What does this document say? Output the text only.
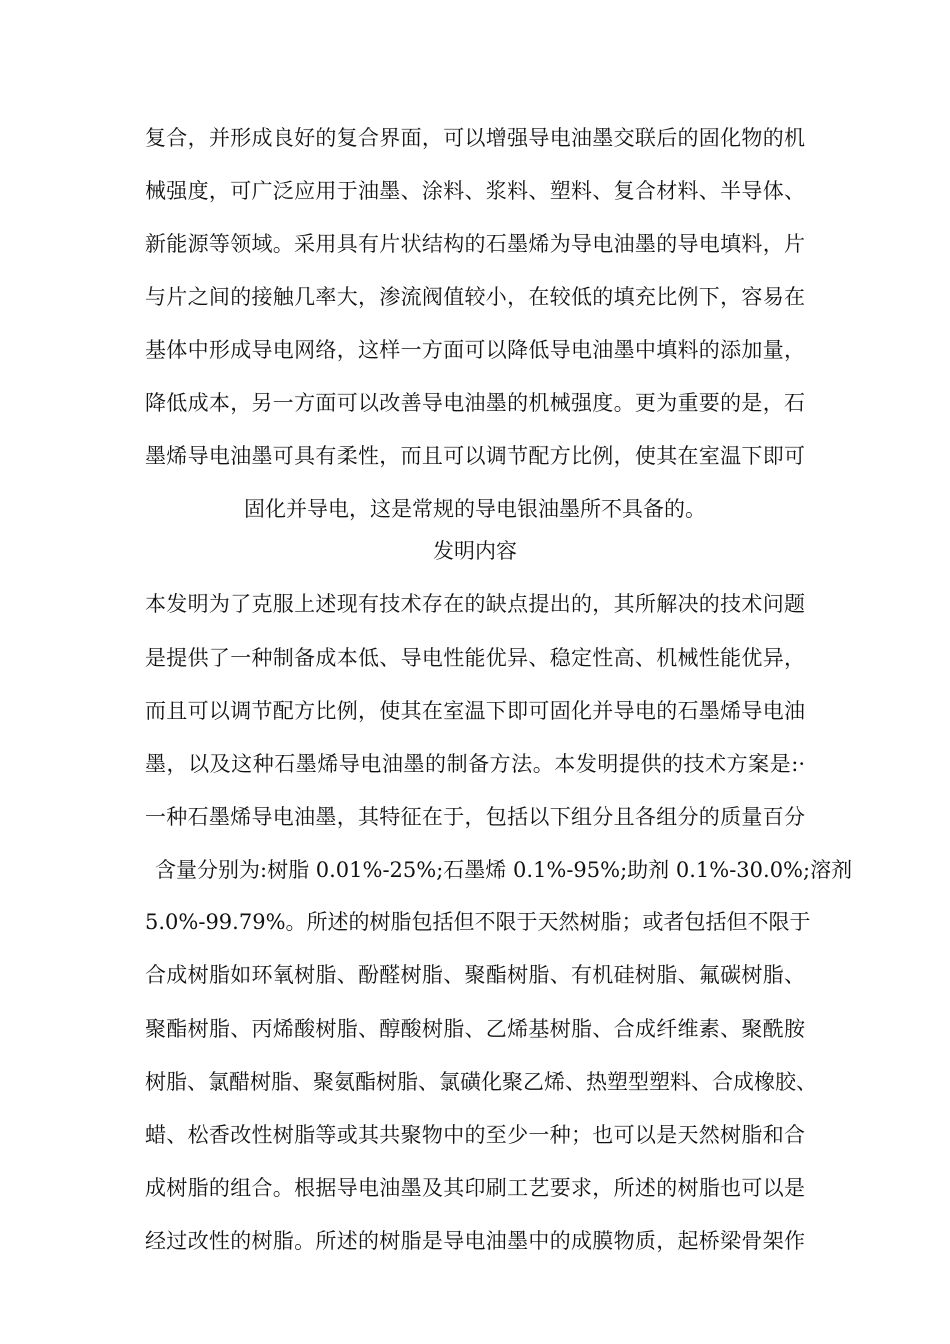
复合，并形成良好的复合界面，可以增强导电油墨交联后的固化物的机
械强度，可广泛应用于油墨、涂料、浆料、塑料、复合材料、半导体、
新能源等领域。采用具有片状结构的石墨烯为导电油墨的导电填料，片
与片之间的接触几率大，渗流阀值较小，在较低的填充比例下，容易在
基体中形成导电网络，这样一方面可以降低导电油墨中填料的添加量，
降低成本，另一方面可以改善导电油墨的机械强度。更为重要的是，石
墨烯导电油墨可具有柔性，而且可以调节配方比例，使其在室温下即可
固化并导电，这是常规的导电银油墨所不具备的。
发明内容
本发明为了克服上述现有技术存在的缺点提出的，其所解决的技术问题
是提供了一种制备成本低、导电性能优异、稳定性高、机械性能优异，
而且可以调节配方比例，使其在室温下即可固化并导电的石墨烯导电油
墨，以及这种石墨烯导电油墨的制备方法。本发明提供的技术方案是:·
一种石墨烯导电油墨，其特征在于，包括以下组分且各组分的质量百分
含量分别为:树脂 0.01%-25%;石墨烯 0.1%-95%;助剂 0.1%-30.0%;溶剂
5.0%-99.79%。所述的树脂包括但不限于天然树脂；或者包括但不限于
合成树脂如环氧树脂、酚醛树脂、聚酯树脂、有机硅树脂、氟碳树脂、
聚酯树脂、丙烯酸树脂、醇酸树脂、乙烯基树脂、合成纤维素、聚酰胺
树脂、氯醋树脂、聚氨酯树脂、氯磺化聚乙烯、热塑型塑料、合成橡胶、
蜡、松香改性树脂等或其共聚物中的至少一种；也可以是天然树脂和合
成树脂的组合。根据导电油墨及其印刷工艺要求，所述的树脂也可以是
经过改性的树脂。所述的树脂是导电油墨中的成膜物质，起桥梁骨架作
